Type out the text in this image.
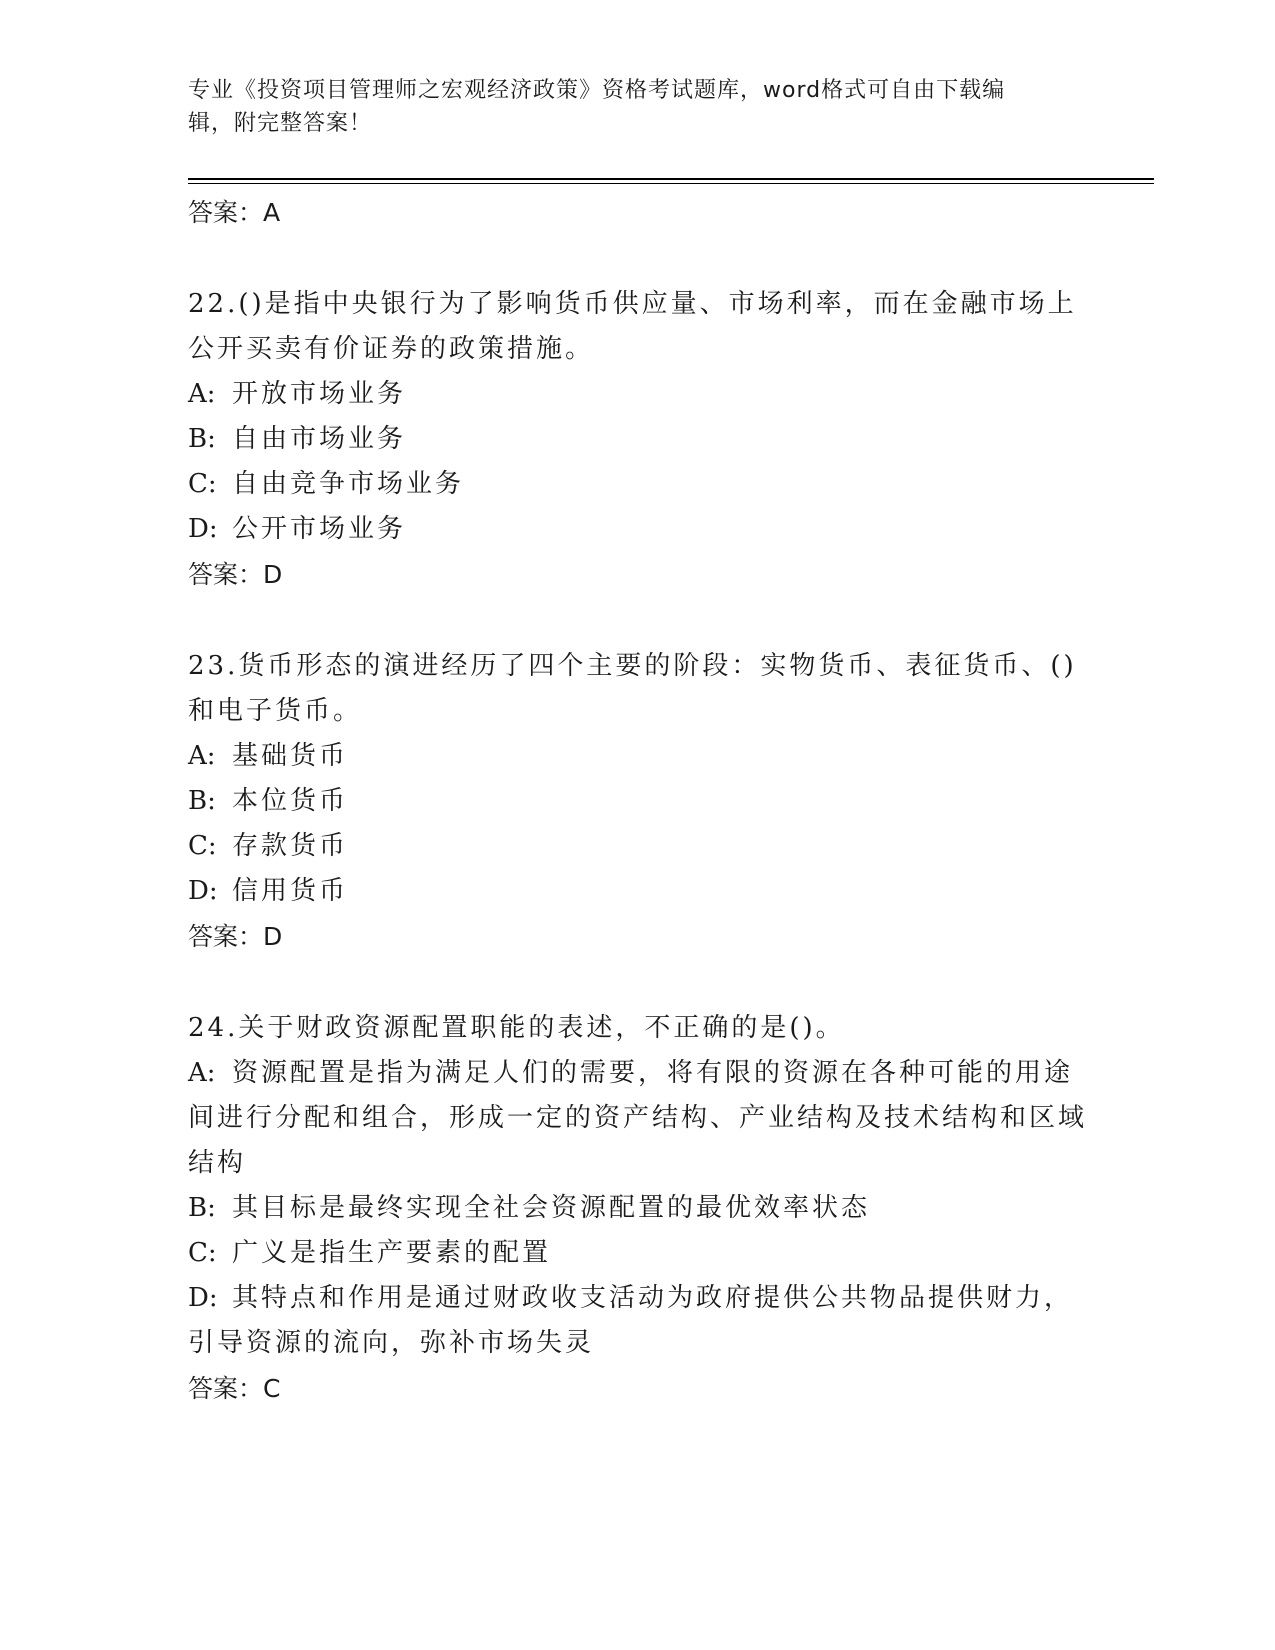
专业《投资项目管理师之宏观经济政策》资格考试题库，word格式可自由下载编
辑，附完整答案！
答案：A
22.()是指中央银行为了影响货币供应量、市场利率，而在金融市场上公开买卖有价证券的政策措施。
A: 开放市场业务
B: 自由市场业务
C: 自由竞争市场业务
D: 公开市场业务
答案：D
23.货币形态的演进经历了四个主要的阶段：实物货币、表征货币、()和电子货币。
A: 基础货币
B: 本位货币
C: 存款货币
D: 信用货币
答案：D
24.关于财政资源配置职能的表述，不正确的是()。
A: 资源配置是指为满足人们的需要，将有限的资源在各种可能的用途间进行分配和组合，形成一定的资产结构、产业结构及技术结构和区域结构
B: 其目标是最终实现全社会资源配置的最优效率状态
C: 广义是指生产要素的配置
D: 其特点和作用是通过财政收支活动为政府提供公共物品提供财力，引导资源的流向，弥补市场失灵
答案：C
